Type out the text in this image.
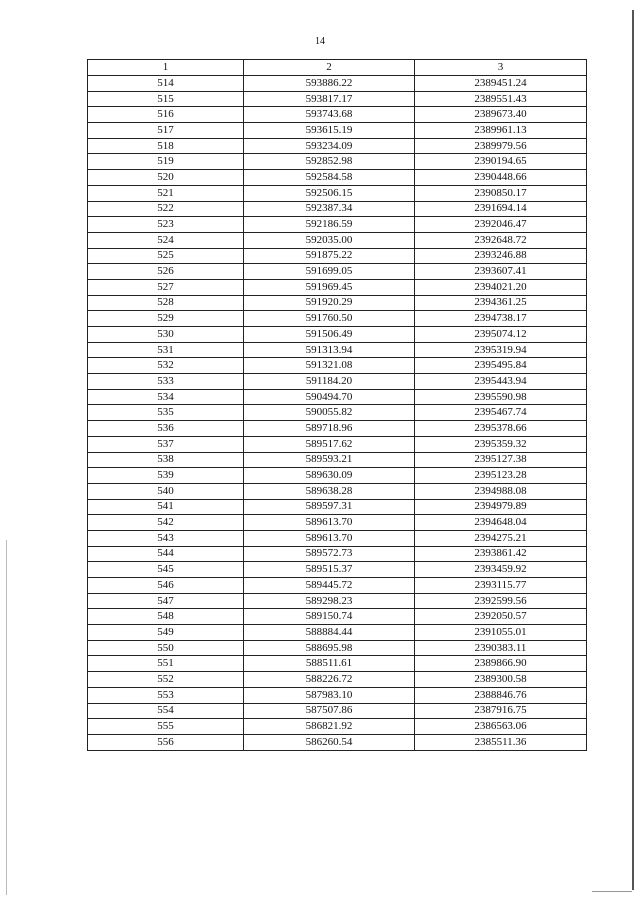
14
1	2	3
514	593886.22	2389451.24
515	593817.17	2389551.43
516	593743.68	2389673.40
517	593615.19	2389961.13
518	593234.09	2389979.56
519	592852.98	2390194.65
520	592584.58	2390448.66
521	592506.15	2390850.17
522	592387.34	2391694.14
523	592186.59	2392046.47
524	592035.00	2392648.72
525	591875.22	2393246.88
526	591699.05	2393607.41
527	591969.45	2394021.20
528	591920.29	2394361.25
529	591760.50	2394738.17
530	591506.49	2395074.12
531	591313.94	2395319.94
532	591321.08	2395495.84
533	591184.20	2395443.94
534	590494.70	2395590.98
535	590055.82	2395467.74
536	589718.96	2395378.66
537	589517.62	2395359.32
538	589593.21	2395127.38
539	589630.09	2395123.28
540	589638.28	2394988.08
541	589597.31	2394979.89
542	589613.70	2394648.04
543	589613.70	2394275.21
544	589572.73	2393861.42
545	589515.37	2393459.92
546	589445.72	2393115.77
547	589298.23	2392599.56
548	589150.74	2392050.57
549	588884.44	2391055.01
550	588695.98	2390383.11
551	588511.61	2389866.90
552	588226.72	2389300.58
553	587983.10	2388846.76
554	587507.86	2387916.75
555	586821.92	2386563.06
556	586260.54	2385511.36
